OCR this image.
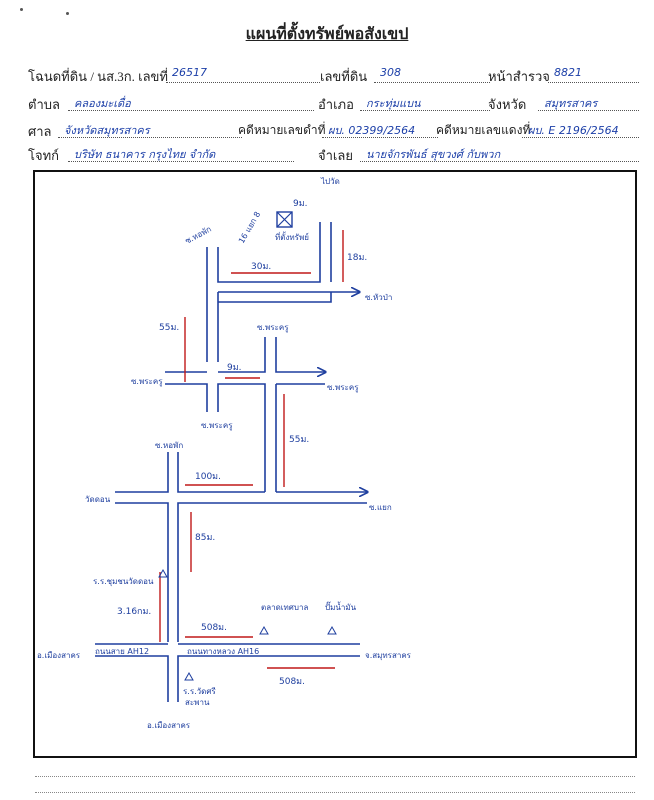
แผนที่ตั้งทรัพย์พอสังเขป
โฉนดที่ดิน / นส.3ก. เลขที่ 26517	เลขที่ดิน	308	หน้าสำรวจ 8821
ตำบล	คลองมะเดื่อ	อำเภอ	กระทุ่มแบน	จังหวัด	สมุทรสาคร
ศาล	จังหวัดสมุทรสาคร	คดีหมายเลขดำที่ ผบ. 02399/2564	คดีหมายเลขแดงที่
ผบ. E 2196/2564
โจทก์	บริษัท ธนาคาร กรุงไทย จำกัด	จำเลย	นายจักรพันธ์ สุขวงศ์ กับพวก
ซ.หอพัก	16 แยก 8 ที่ตั้งทรัพย์
ไปวัด
30ม.
9ม.
18ม.
ซ.หัวป่า
55ม.	ซ.พระครู
9ม.
ซ.พระครู
ซ.พระครู
ซ.พระครู
55ม.
ซ.หอพัก
100ม.
วัดดอน
ซ.แยก
85ม.
ร.ร.ชุมชนวัดดอน
3.16กม.
508ม.
ตลาดเทศบาล ปั๊มน้ำมัน
ถนนสาย AH12	ถนนทางหลวง AH16
อ.เมืองสาคร	จ.สมุทรสาคร
508ม.
ร.ร.วัดศรี
สะพาน
อ.เมืองสาคร
